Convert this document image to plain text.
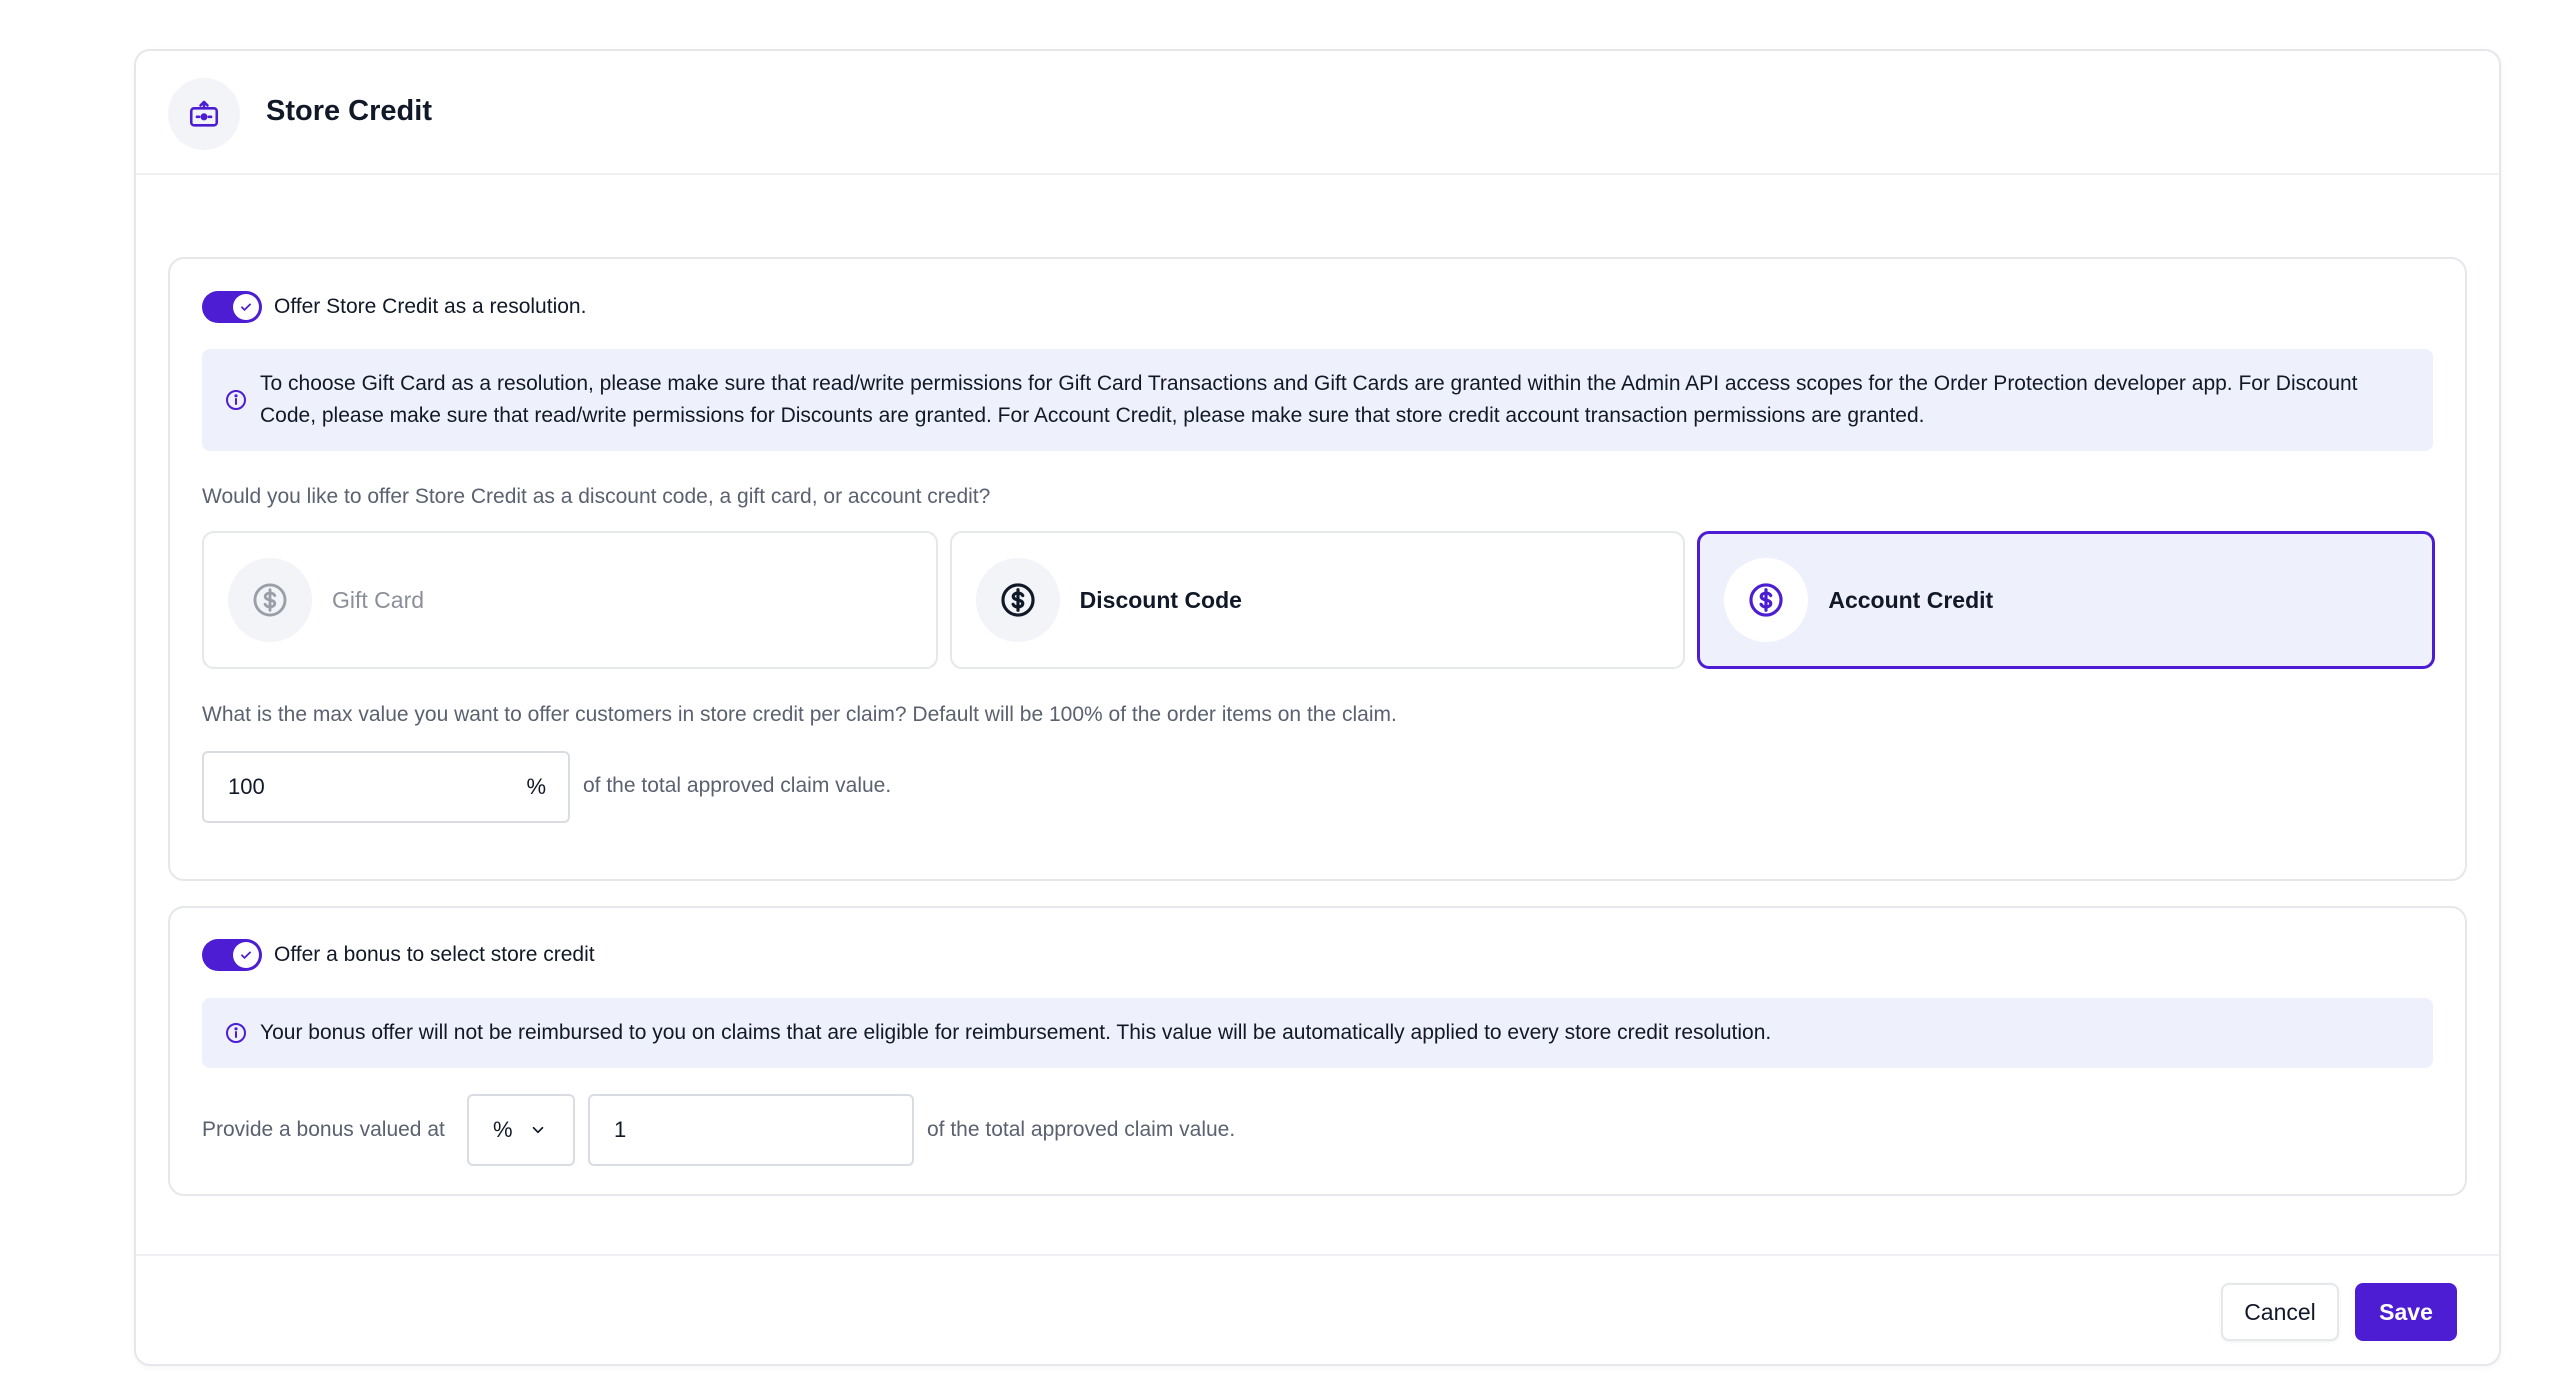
Store Credit
Offer Store Credit as a resolution.
To choose Gift Card as a resolution, please make sure that read/write permissions for Gift Card Transactions and Gift Cards are granted within the Admin API access scopes for the Order Protection developer app. For Discount Code, please make sure that read/write permissions for Discounts are granted. For Account Credit, please make sure that store credit account transaction permissions are granted.
Would you like to offer Store Credit as a discount code, a gift card, or account credit?
Gift Card	Discount Code	Account Credit
What is the max value you want to offer customers in store credit per claim? Default will be 100% of the order items on the claim.
100	%	of the total approved claim value.
Offer a bonus to select store credit
Your bonus offer will not be reimbursed to you on claims that are eligible for reimbursement. This value will be automatically applied to every store credit resolution.
Provide a bonus valued at %	1	of the total approved claim value.
Cancel	Save
